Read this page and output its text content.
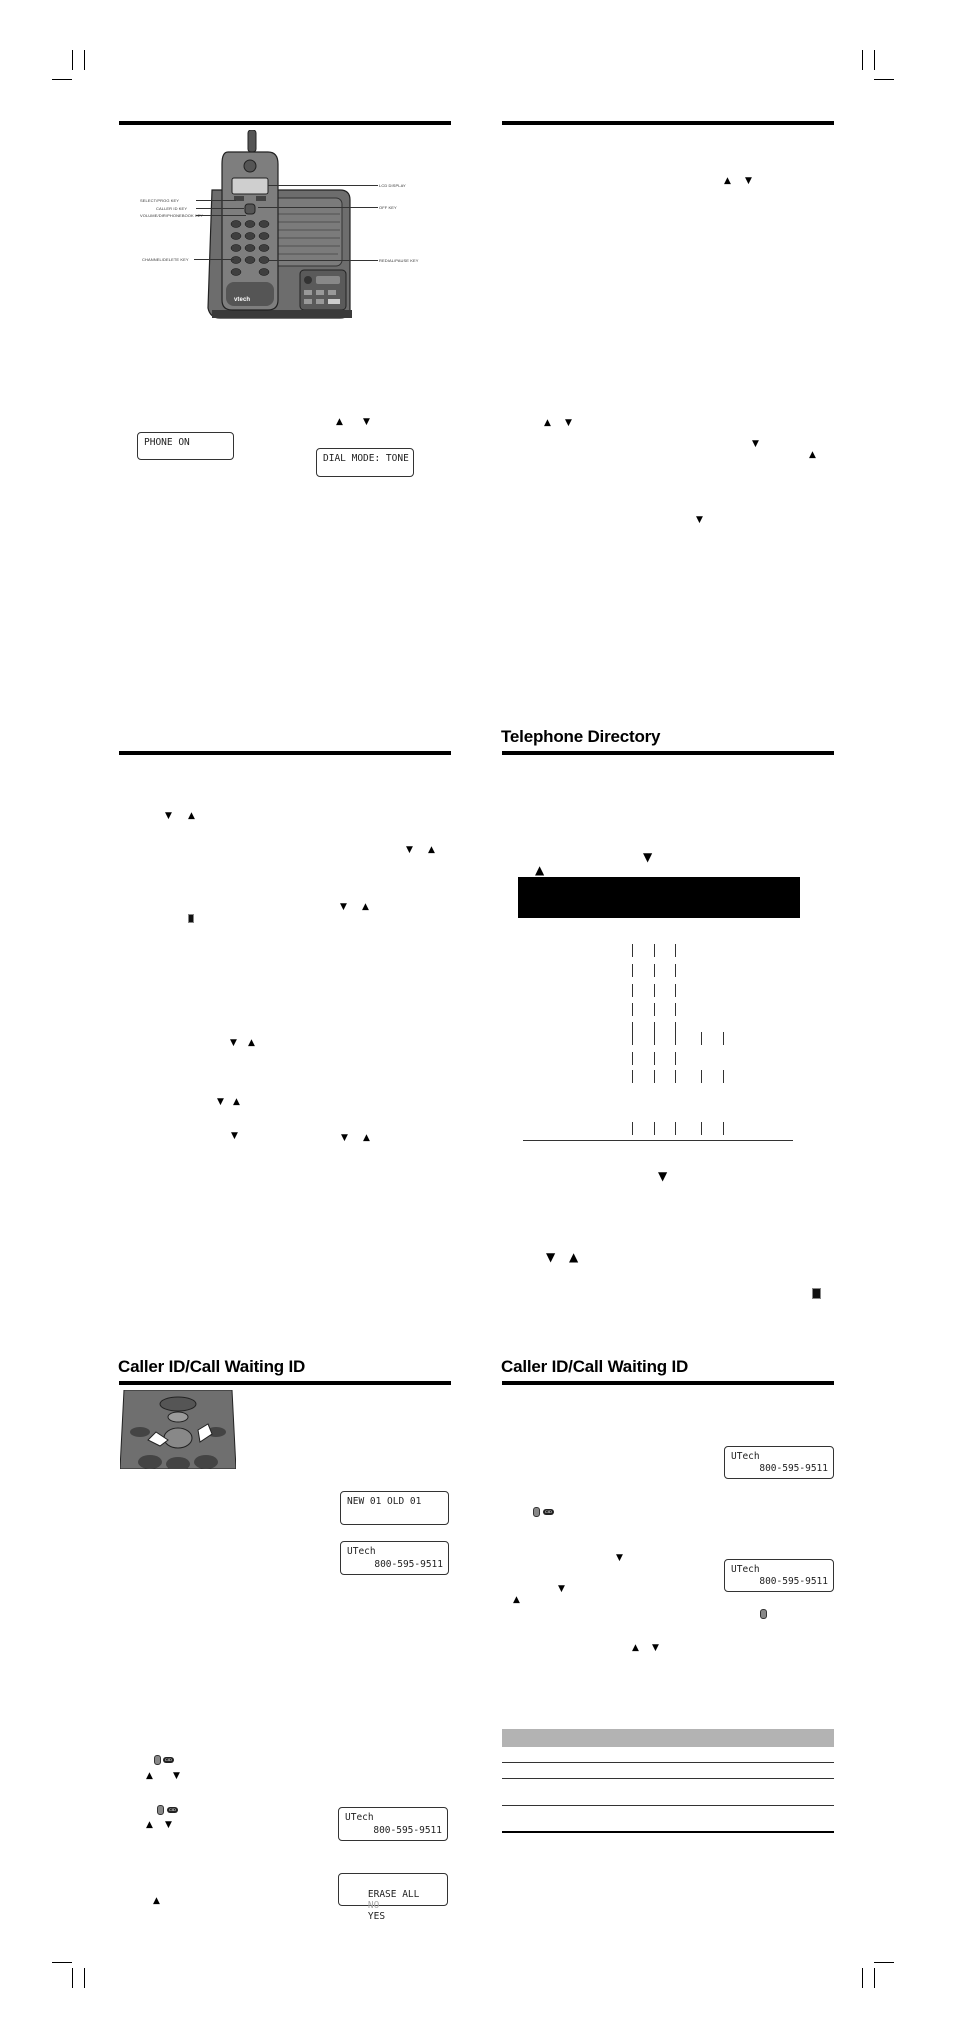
vtech
LCD DISPLAY
OFF KEY
SELECT/PROG KEY
CALLER ID KEY
VOLUME/DIR/PHONEBOOK KEY
CHANNEL/DELETE KEY	REDIAL/PAUSE KEY
PHONE ON
▲ ▼
DIAL MODE: TONE
▲ ▼
▲ ▼
▼
▲
▼
▼ ▲
▼ ▲
▼ ▲
▼ ▲
▼ ▲
▼	▼ ▲
Telephone Directory
▼
▲
▼
▼ ▲
Caller ID/Call Waiting ID
NEW 01 OLD 01
UTech
800-595-9511
CID
▲ ▼
CID
▲ ▼
UTech
800-595-9511

ERASE ALL
NO
YES

▲
Caller ID/Call Waiting ID
UTech
800-595-9511
CID
▼
UTech
800-595-9511
▼
▲
▲ ▼
